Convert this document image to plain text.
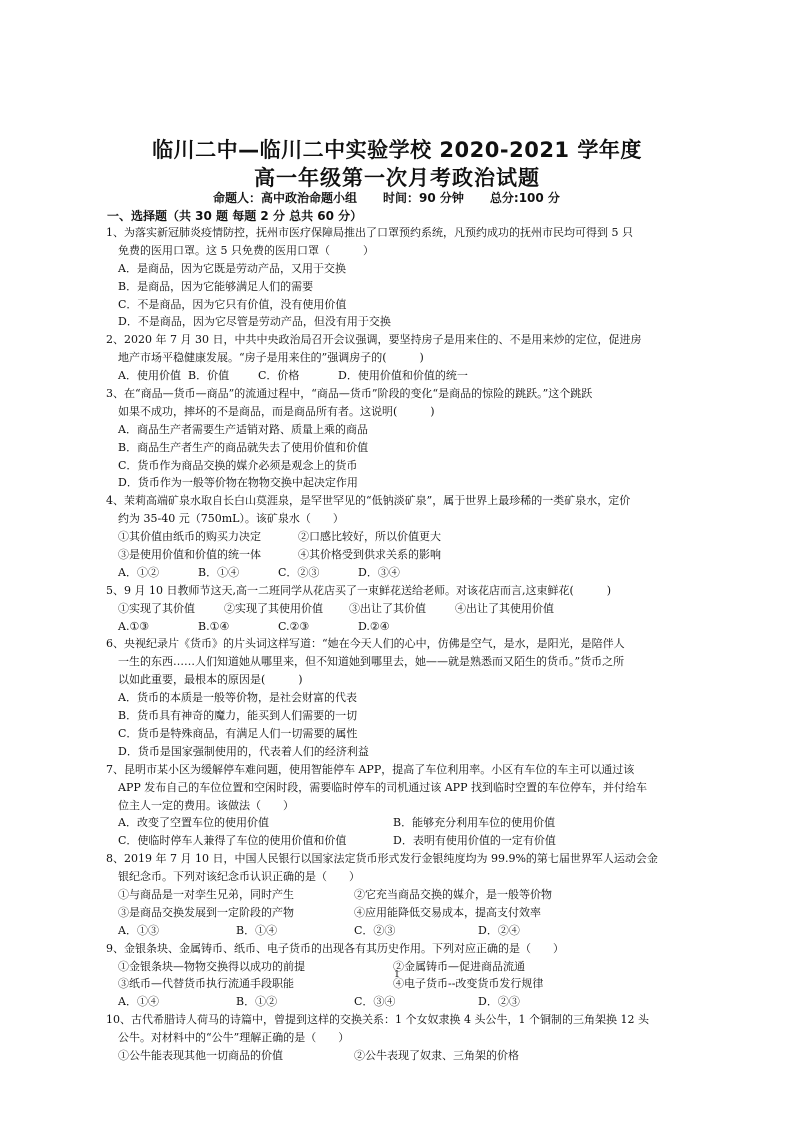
临川二中—临川二中实验学校 2020-2021 学年度
高一年级第一次月考政治试题
命题人：高中政治命题小组 时间：90 分钟 总分:100 分
一、选择题（共 30 题 每题 2 分 总共 60 分）
1、为落实新冠肺炎疫情防控，抚州市医疗保障局推出了口罩预约系统，凡预约成功的抚州市民均可得到 5 只
免费的医用口罩。这 5 只免费的医用口罩（　　　）
A．是商品，因为它既是劳动产品，又用于交换
B．是商品，因为它能够满足人们的需要
C．不是商品，因为它只有价值，没有使用价值
D．不是商品，因为它尽管是劳动产品，但没有用于交换
2、2020 年 7 月 30 日，中共中央政治局召开会议强调，要坚持房子是用来住的、不是用来炒的定位，促进房
地产市场平稳健康发展。“房子是用来住的”强调房子的(　　　)
A．使用价值 B．价值	C．价格	D．使用价值和价值的统一
3、在“商品—货币—商品”的流通过程中，“商品—货币”阶段的变化“是商品的惊险的跳跃。”这个跳跃
如果不成功，摔坏的不是商品，而是商品所有者。这说明(　　　)
A．商品生产者需要生产适销对路、质量上乘的商品
B．商品生产者生产的商品就失去了使用价值和价值
C．货币作为商品交换的媒介必须是观念上的货币
D．货币作为一般等价物在物物交换中起决定作用
4、茉莉高端矿泉水取自长白山莫涯泉，是罕世罕见的“低钠淡矿泉”，属于世界上最珍稀的一类矿泉水，定价
约为 35-40 元（750mL）。该矿泉水（　　）
①其价值由纸币的购买力决定	②口感比较好，所以价值更大
③是使用价值和价值的统一体	④其价格受到供求关系的影响
A．①②	B．①④	C．②③	D．③④
5、9 月 10 日教师节这天,高一二班同学从花店买了一束鲜花送给老师。对该花店而言,这束鲜花(　　　)
①实现了其价值	②实现了其使用价值	③出让了其价值	④出让了其使用价值
A.①③	B.①④	C.②③	D.②④
6、央视纪录片《货币》的片头词这样写道：“她在今天人们的心中，仿佛是空气，是水，是阳光，是陪伴人
一生的东西……人们知道她从哪里来，但不知道她到哪里去，她——就是熟悉而又陌生的货币。”货币之所
以如此重要，最根本的原因是(　　　)
A．货币的本质是一般等价物，是社会财富的代表
B．货币具有神奇的魔力，能买到人们需要的一切
C．货币是特殊商品，有满足人们一切需要的属性
D．货币是国家强制使用的，代表着人们的经济利益
7、昆明市某小区为缓解停车难问题，使用智能停车 APP，提高了车位利用率。小区有车位的车主可以通过该
APP 发布自己的车位位置和空闲时段，需要临时停车的司机通过该 APP 找到临时空置的车位停车，并付给车
位主人一定的费用。该做法（　　）
A．改变了空置车位的使用价值	B．能够充分利用车位的使用价值
C．使临时停车人兼得了车位的使用价值和价值	D．表明有使用价值的一定有价值
8、2019 年 7 月 10 日，中国人民银行以国家法定货币形式发行金银纯度均为 99.9%的第七届世界军人运动会金
银纪念币。下列对该纪念币认识正确的是（　　）
①与商品是一对孪生兄弟，同时产生	②它充当商品交换的媒介，是一般等价物
③是商品交换发展到一定阶段的产物	④应用能降低交易成本，提高支付效率
A．①③	B．①④	C．②③	D．②④
9、金银条块、金属铸币、纸币、电子货币的出现各有其历史作用。下列对应正确的是（　　）
①金银条块—物物交换得以成功的前提	②金属铸币—促进商品流通
③纸币—代替货币执行流通手段职能	④电子货币--改变货币发行规律
A．①④	B．①②	C．③④	D．②③
10、古代希腊诗人荷马的诗篇中，曾提到这样的交换关系：1 个女奴隶换 4 头公牛，1 个铜制的三角架换 12 头
公牛。对材料中的“公牛”理解正确的是（　　）
①公牛能表现其他一切商品的价值	②公牛表现了奴隶、三角架的价格
1
